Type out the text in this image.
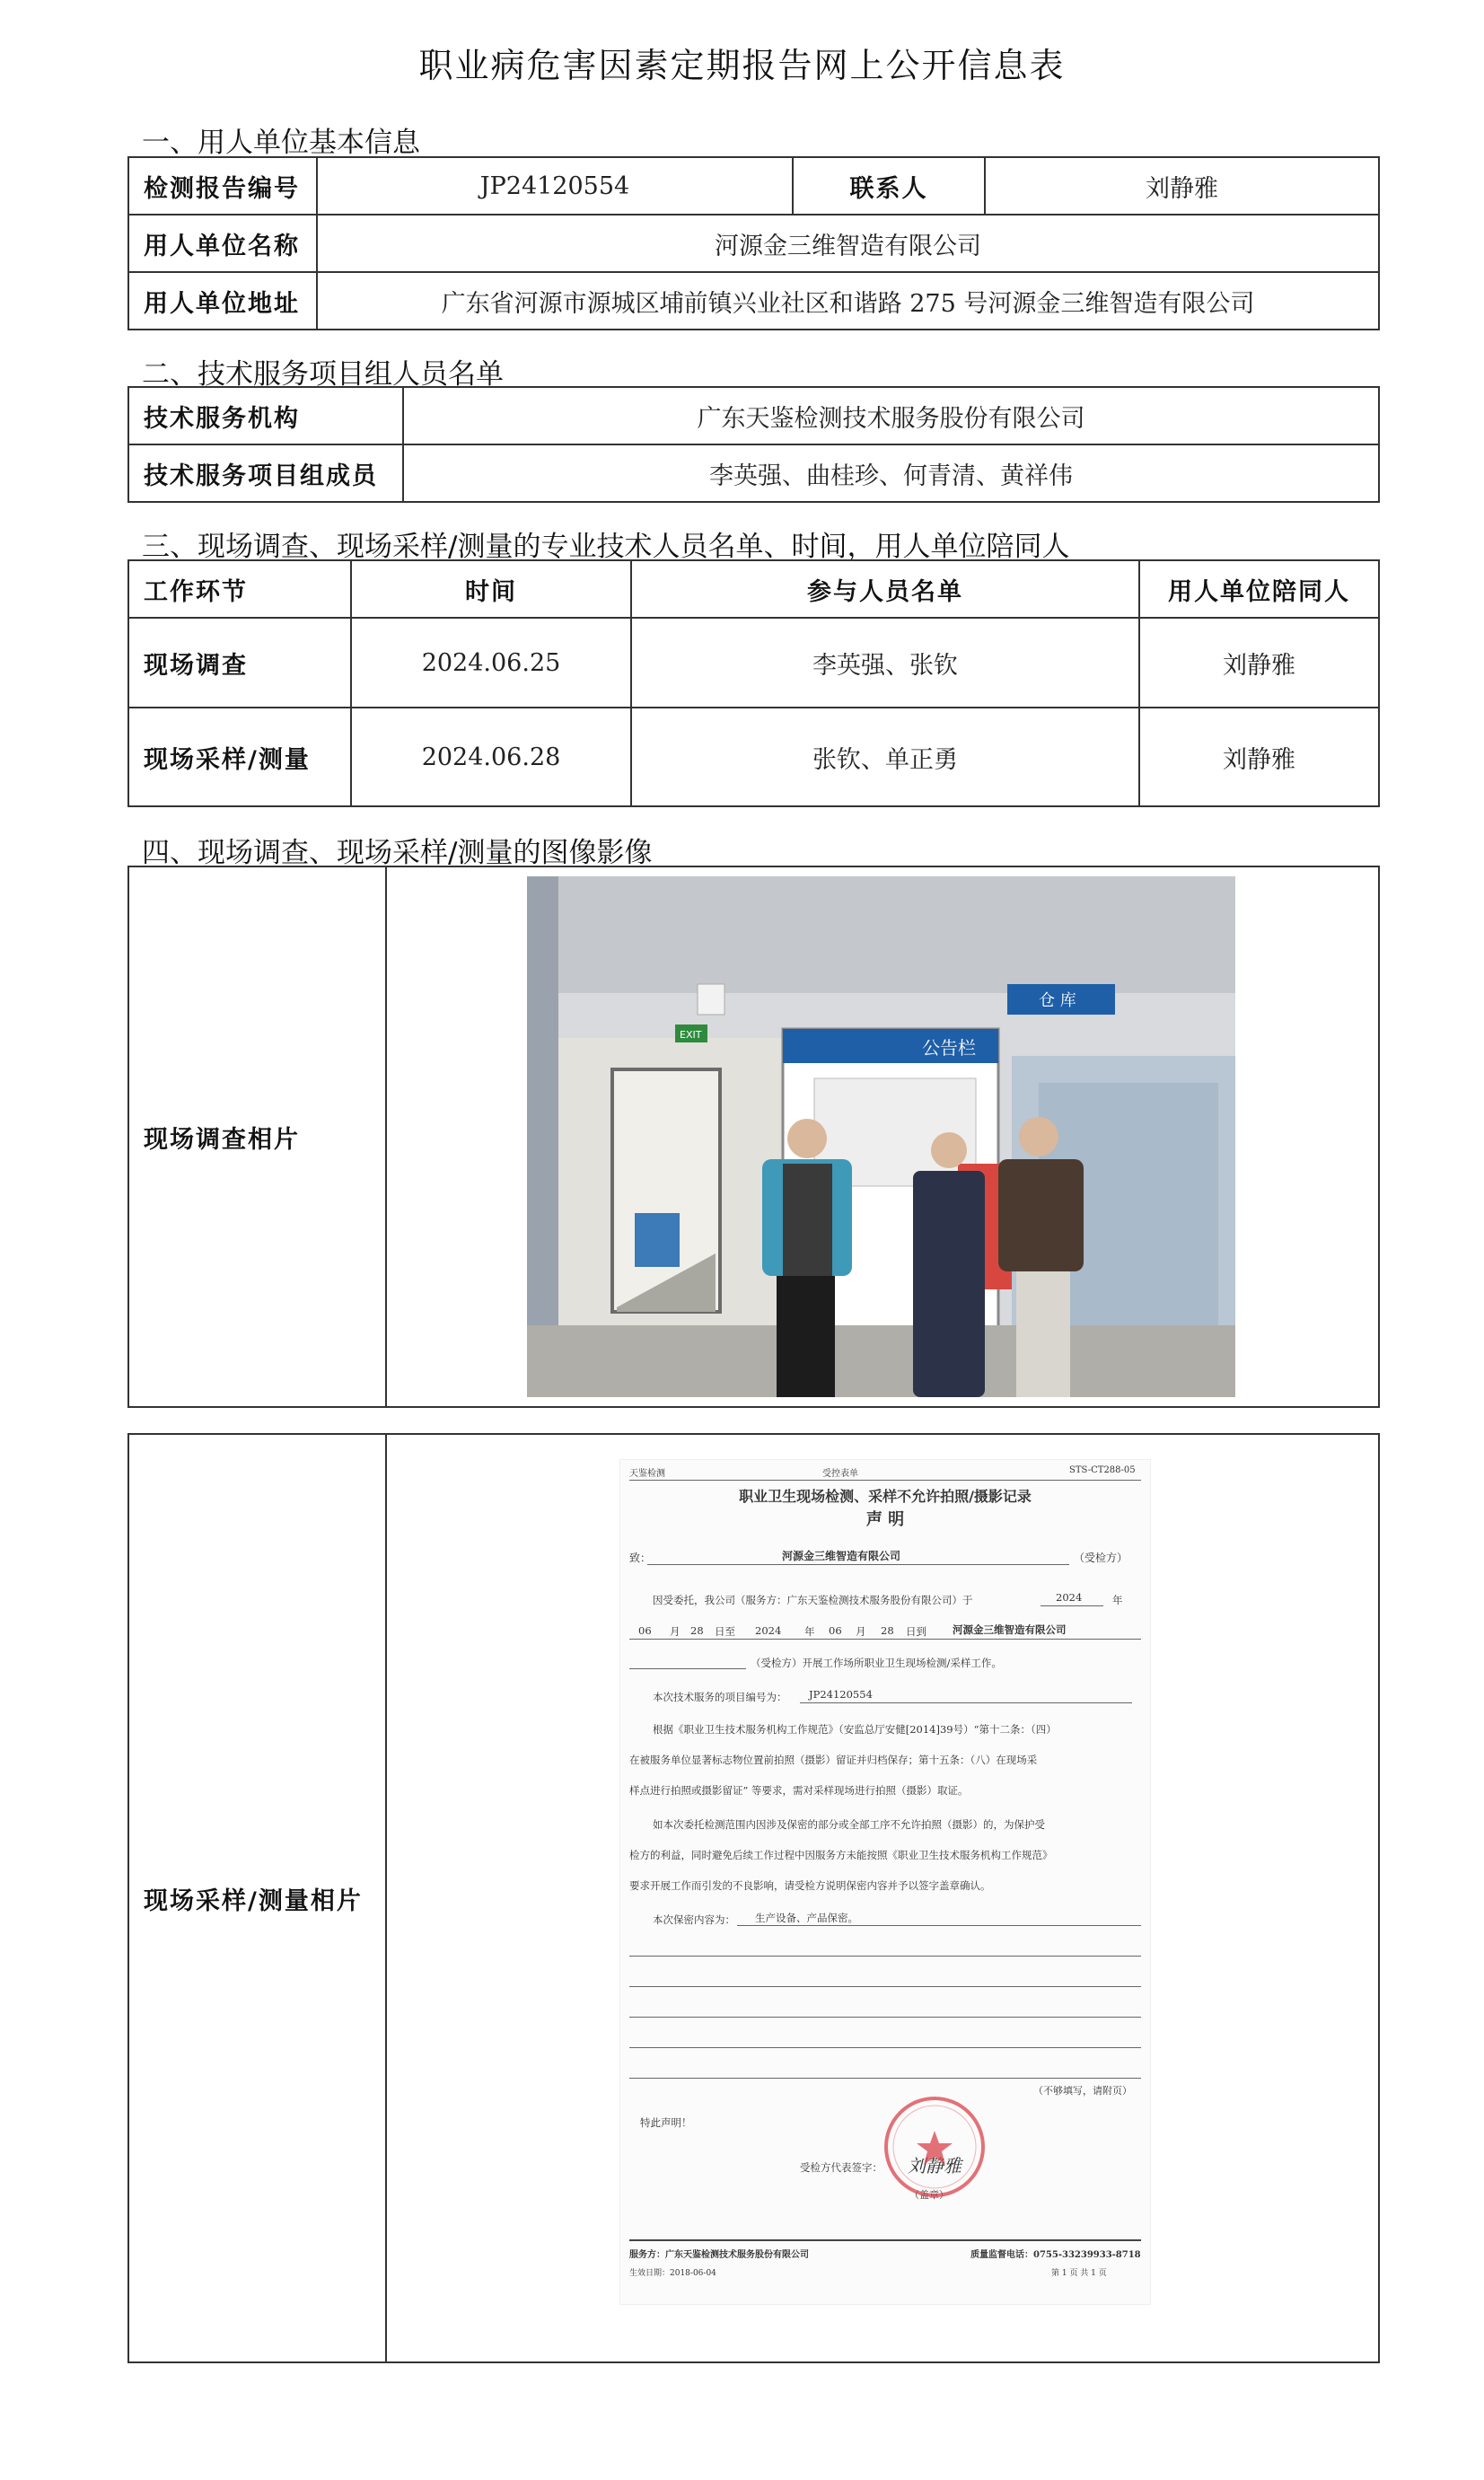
职业病危害因素定期报告网上公开信息表
一、用人单位基本信息
检测报告编号	JP24120554	联系人	刘静雅
用人单位名称	河源金三维智造有限公司		
用人单位地址	广东省河源市源城区埔前镇兴业社区和谐路 275 号河源金三维智造有限公司		
二、技术服务项目组人员名单
技术服务机构	广东天鉴检测技术服务股份有限公司
技术服务项目组成员	李英强、曲桂珍、何青清、黄祥伟
三、现场调查、现场采样/测量的专业技术人员名单、时间，用人单位陪同人
工作环节	时间	参与人员名单	用人单位陪同人
现场调查	2024.06.25	李英强、张钦	刘静雅
现场采样/测量	2024.06.28	张钦、单正勇	刘静雅
四、现场调查、现场采样/测量的图像影像
现场调查相片	
EXIT
公告栏
仓 库
现场采样/测量相片	
天鉴检测	受控表单	STS-CT288-05
职业卫生现场检测、采样不允许拍照/摄影记录
声 明
致：	河源金三维智造有限公司	（受检方）
因受委托，我公司（服务方：广东天鉴检测技术服务股份有限公司）于	2024	年
06 月 28 日至 2024 年 06 月 28 日到	河源金三维智造有限公司
（受检方）开展工作场所职业卫生现场检测/采样工作。
本次技术服务的项目编号为： JP24120554
根据《职业卫生技术服务机构工作规范》（安监总厅安健[2014]39号）“第十二条：（四）
在被服务单位显著标志物位置前拍照（摄影）留证并归档保存；第十五条：（八）在现场采
样点进行拍照或摄影留证” 等要求，需对采样现场进行拍照（摄影）取证。
如本次委托检测范围内因涉及保密的部分或全部工序不允许拍照（摄影）的，为保护受
检方的利益，同时避免后续工作过程中因服务方未能按照《职业卫生技术服务机构工作规范》
要求开展工作而引发的不良影响，请受检方说明保密内容并予以签字盖章确认。
本次保密内容为： 生产设备、产品保密。
（不够填写，请附页）
特此声明！
受检方代表签字： 刘静雅
（盖章）
服务方：广东天鉴检测技术服务股份有限公司	质量监督电话：0755-33239933-8718
生效日期：2018-06-04	第 1 页 共 1 页
